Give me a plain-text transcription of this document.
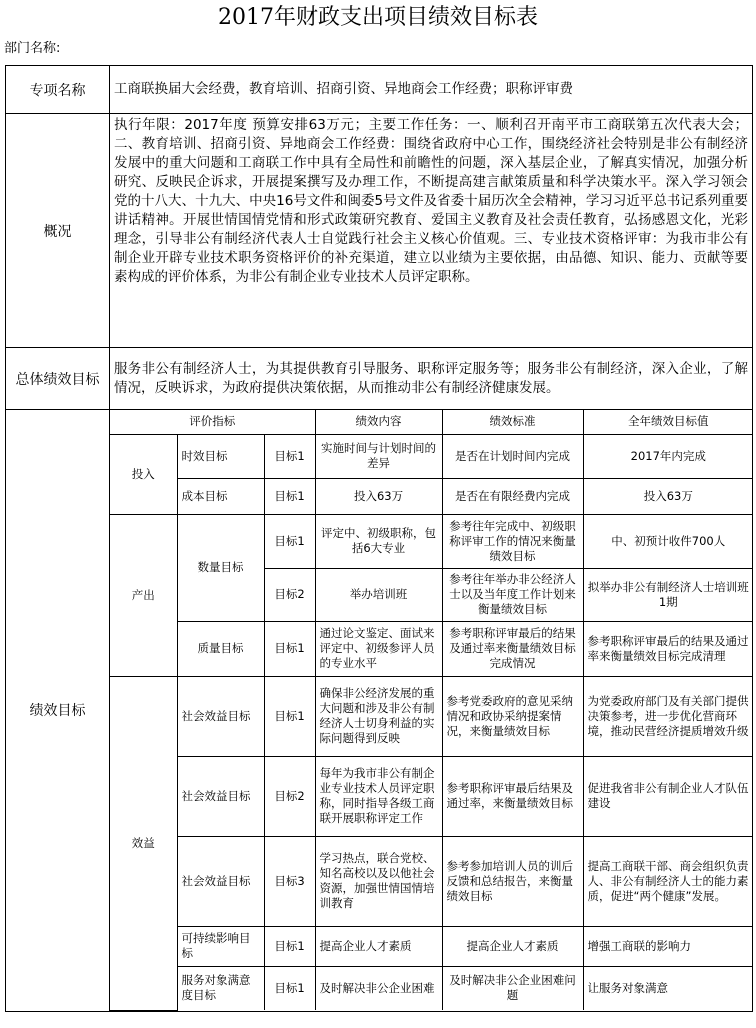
2017年财政支出项目绩效目标表
部门名称:
专项名称	工商联换届大会经费，教育培训、招商引资、异地商会工作经费；职称评审费
概况	执行年限：2017年度 预算安排63万元；主要工作任务：一、顺利召开南平市工商联第五次代表大会；二、教育培训、招商引资、异地商会工作经费：围绕省政府中心工作，围绕经济社会特别是非公有制经济发展中的重大问题和工商联工作中具有全局性和前瞻性的问题，深入基层企业，了解真实情况，加强分析研究、反映民企诉求，开展提案撰写及办理工作，不断提高建言献策质量和科学决策水平。深入学习领会党的十八大、十九大、中央16号文件和闽委5号文件及省委十届历次全会精神，学习习近平总书记系列重要讲话精神。开展世情国情党情和形式政策研究教育、爱国主义教育及社会责任教育，弘扬感恩文化，光彩理念，引导非公有制经济代表人士自觉践行社会主义核心价值观。三、专业技术资格评审：为我市非公有制企业开辟专业技术职务资格评价的补充渠道，建立以业绩为主要依据，由品德、知识、能力、贡献等要素构成的评价体系，为非公有制企业专业技术人员评定职称。
总体绩效目标	服务非公有制经济人士，为其提供教育引导服务、职称评定服务等；服务非公有制经济，深入企业，了解情况，反映诉求，为政府提供决策依据，从而推动非公有制经济健康发展。
绩效目标	
评价指标	绩效内容	绩效标准	全年绩效目标值
投入	时效目标	目标1	实施时间与计划时间的差异	是否在计划时间内完成	2017年内完成
成本目标	目标1	投入63万	是否在有限经费内完成	投入63万
产出	数量目标	目标1	评定中、初级职称，包括6大专业	参考往年完成中、初级职称评审工作的情况来衡量绩效目标	中、初预计收件700人
目标2	举办培训班	参考往年举办非公经济人士以及当年度工作计划来衡量绩效目标	拟举办非公有制经济人士培训班1期
质量目标	目标1	通过论文鉴定、面试来评定中、初级参评人员的专业水平	参考职称评审最后的结果及通过率来衡量绩效目标完成情况	参考职称评审最后的结果及通过率来衡量绩效目标完成清理
效益	社会效益目标	目标1	确保非公经济发展的重大问题和涉及非公有制经济人士切身利益的实际问题得到反映	参考党委政府的意见采纳情况和政协采纳提案情况，来衡量绩效目标	为党委政府部门及有关部门提供决策参考，进一步优化营商环境，推动民营经济提质增效升级
社会效益目标	目标2	每年为我市非公有制企业专业技术人员评定职称，同时指导各级工商联开展职称评定工作	参考职称评审最后结果及通过率，来衡量绩效目标	促进我省非公有制企业人才队伍建设
社会效益目标	目标3	学习热点，联合党校、知名高校以及以他社会资源，加强世情国情培训教育	参考参加培训人员的训后反馈和总结报告，来衡量绩效目标	提高工商联干部、商会组织负责人、非公有制经济人士的能力素质，促进“两个健康”发展。
可持续影响目标	目标1	提高企业人才素质	提高企业人才素质	增强工商联的影响力
服务对象满意度目标	目标1	及时解决非公企业困难	及时解决非公企业困难问题	让服务对象满意
